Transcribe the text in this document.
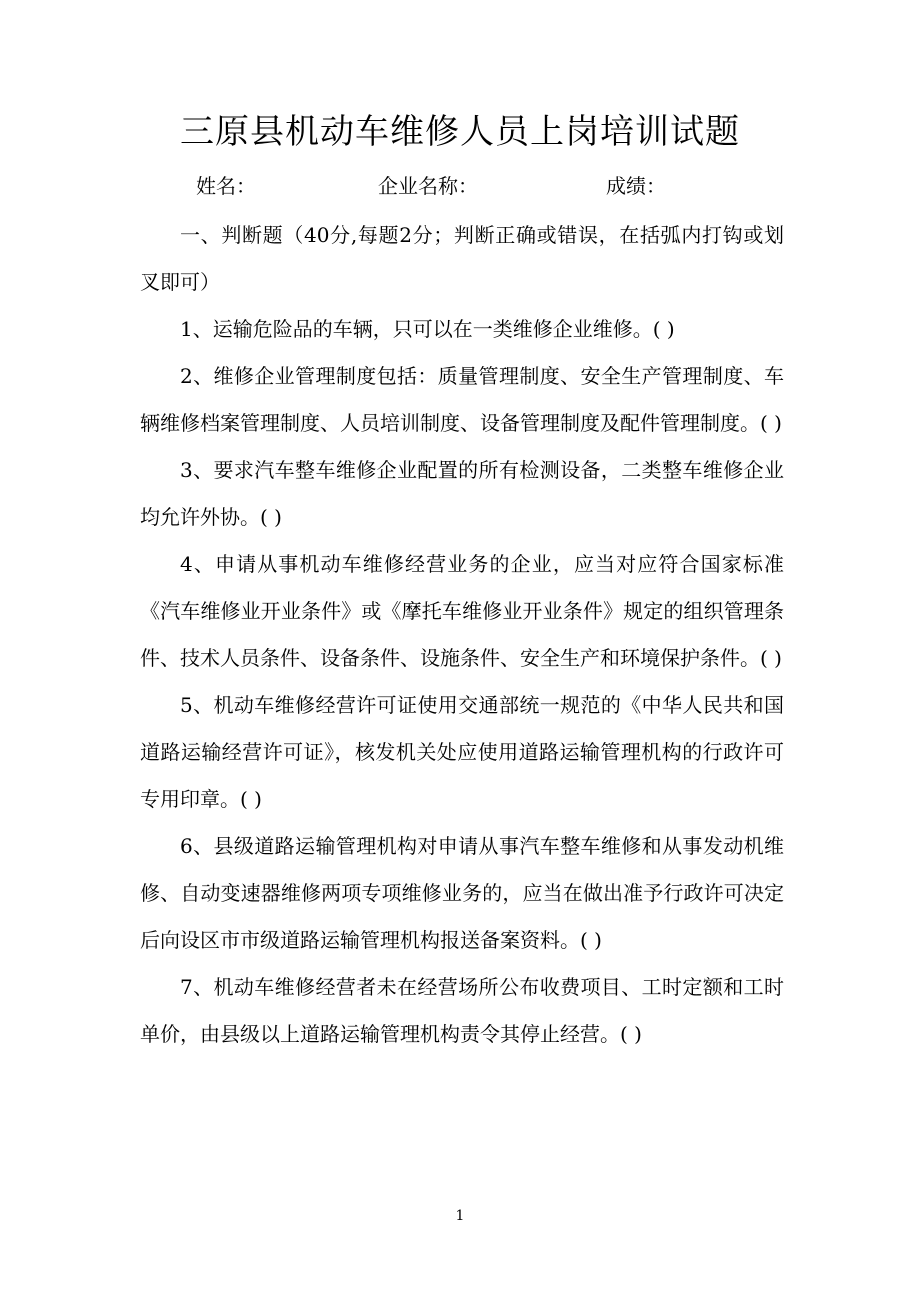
三原县机动车维修人员上岗培训试题
姓名：	企业名称：	成绩：

一、判断题（40分,每题2分；判断正确或错误，在括弧内打钩或划叉即可）

1、运输危险品的车辆，只可以在一类维修企业维修。( )

2、维修企业管理制度包括：质量管理制度、安全生产管理制度、车辆维修档案管理制度、人员培训制度、设备管理制度及配件管理制度。( )

3、要求汽车整车维修企业配置的所有检测设备，二类整车维修企业均允许外协。( )

4、申请从事机动车维修经营业务的企业，应当对应符合国家标准《汽车维修业开业条件》或《摩托车维修业开业条件》规定的组织管理条件、技术人员条件、设备条件、设施条件、安全生产和环境保护条件。( )

5、机动车维修经营许可证使用交通部统一规范的《中华人民共和国道路运输经营许可证》，核发机关处应使用道路运输管理机构的行政许可专用印章。( )

6、县级道路运输管理机构对申请从事汽车整车维修和从事发动机维修、自动变速器维修两项专项维修业务的，应当在做出准予行政许可决定后向设区市市级道路运输管理机构报送备案资料。( )

7、机动车维修经营者未在经营场所公布收费项目、工时定额和工时单价，由县级以上道路运输管理机构责令其停止经营。( )

1
